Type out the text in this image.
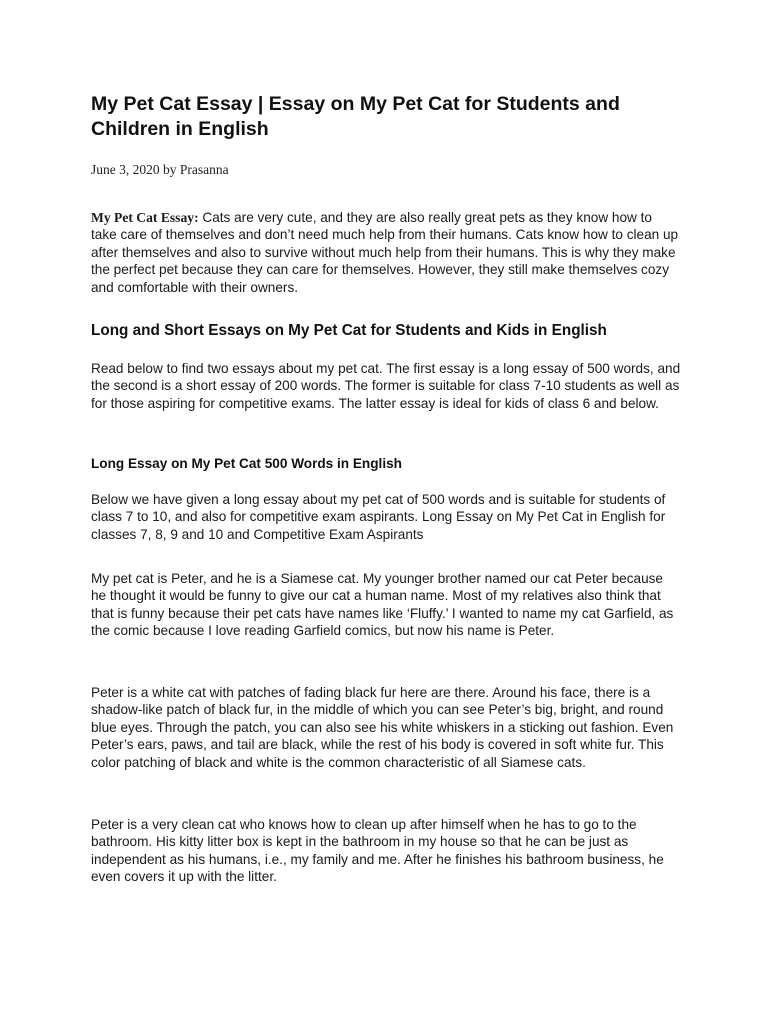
My Pet Cat Essay | Essay on My Pet Cat for Students and Children in English

June 3, 2020 by Prasanna

My Pet Cat Essay: Cats are very cute, and they are also really great pets as they know how to take care of themselves and don’t need much help from their humans. Cats know how to clean up after themselves and also to survive without much help from their humans. This is why they make the perfect pet because they can care for themselves. However, they still make themselves cozy and comfortable with their owners.

Long and Short Essays on My Pet Cat for Students and Kids in English

Read below to find two essays about my pet cat. The first essay is a long essay of 500 words, and the second is a short essay of 200 words. The former is suitable for class 7-10 students as well as for those aspiring for competitive exams. The latter essay is ideal for kids of class 6 and below.

Long Essay on My Pet Cat 500 Words in English

Below we have given a long essay about my pet cat of 500 words and is suitable for students of class 7 to 10, and also for competitive exam aspirants. Long Essay on My Pet Cat in English for classes 7, 8, 9 and 10 and Competitive Exam Aspirants

My pet cat is Peter, and he is a Siamese cat. My younger brother named our cat Peter because he thought it would be funny to give our cat a human name. Most of my relatives also think that that is funny because their pet cats have names like ‘Fluffy.’ I wanted to name my cat Garfield, as the comic because I love reading Garfield comics, but now his name is Peter.

Peter is a white cat with patches of fading black fur here are there. Around his face, there is a shadow-like patch of black fur, in the middle of which you can see Peter’s big, bright, and round blue eyes. Through the patch, you can also see his white whiskers in a sticking out fashion. Even Peter’s ears, paws, and tail are black, while the rest of his body is covered in soft white fur. This color patching of black and white is the common characteristic of all Siamese cats.

Peter is a very clean cat who knows how to clean up after himself when he has to go to the bathroom. His kitty litter box is kept in the bathroom in my house so that he can be just as independent as his humans, i.e., my family and me. After he finishes his bathroom business, he even covers it up with the litter.
